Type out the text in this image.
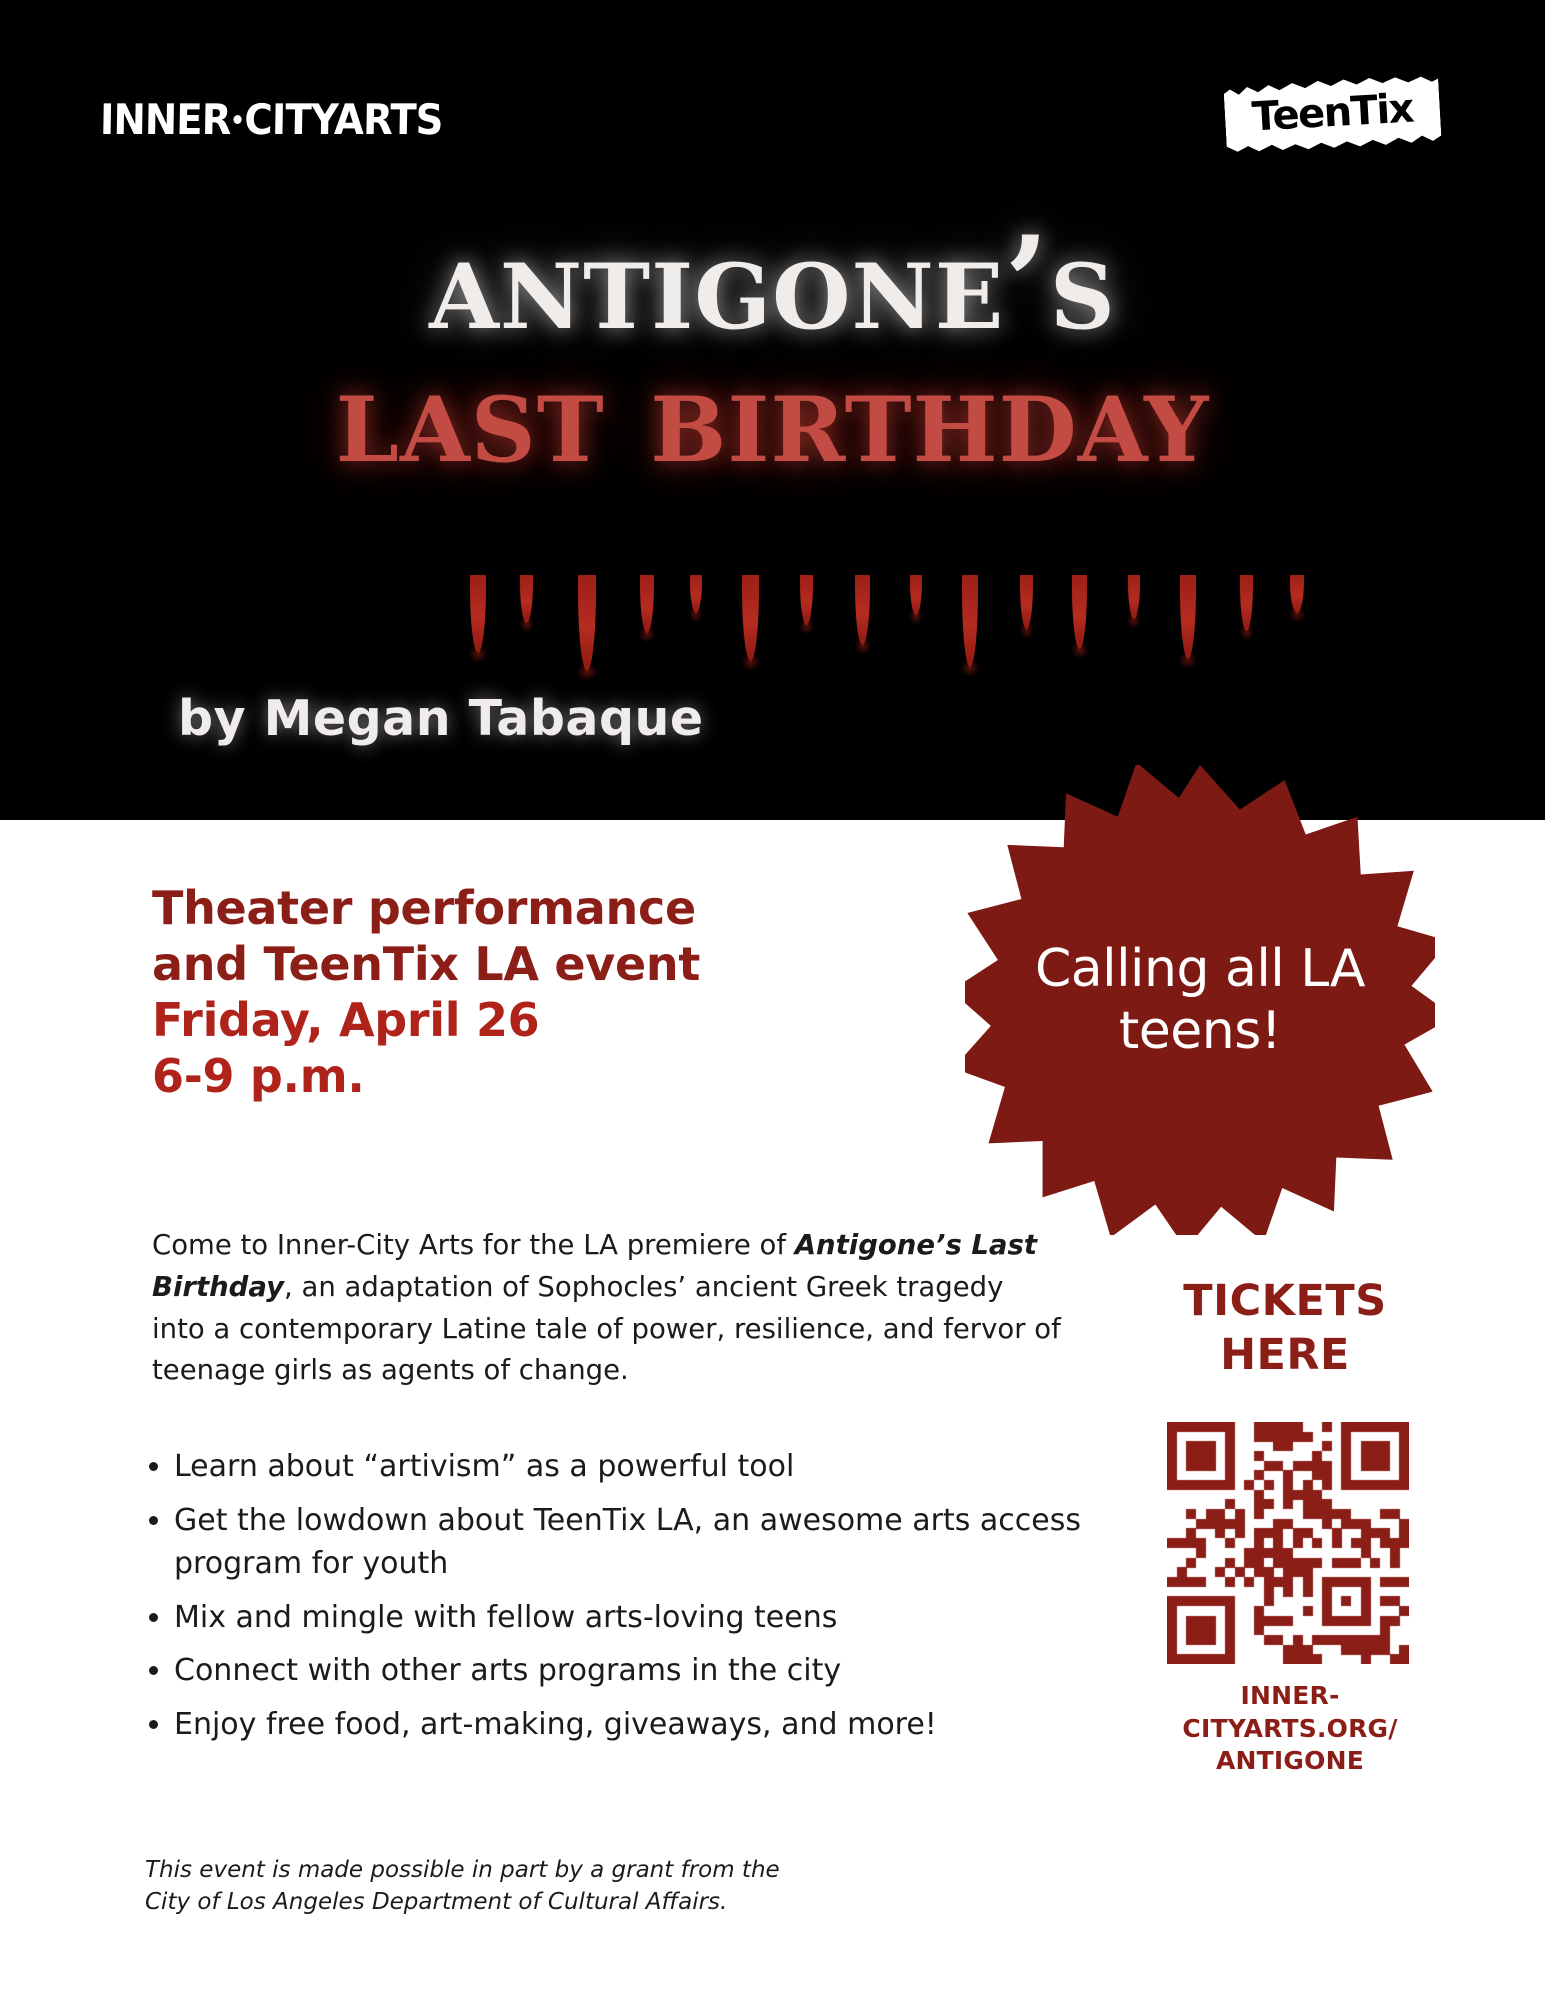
INNER CITYARTS	TeenTix
antigone’s
last birthday
by Megan Tabaque
Theater performance
and TeenTix LA event
Friday, April 26
6-9 p.m.
Come to Inner-City Arts for the LA premiere of Antigone’s Last Birthday, an adaptation of Sophocles’ ancient Greek tragedy into a contemporary Latine tale of power, resilience, and fervor of teenage girls as agents of change.
• Learn about “artivism” as a powerful tool
• Get the lowdown about TeenTix LA, an awesome arts access program for youth
• Mix and mingle with fellow arts-loving teens
• Connect with other arts programs in the city
• Enjoy free food, art-making, giveaways, and more!
This event is made possible in part by a grant from the
City of Los Angeles Department of Cultural Affairs.
Calling all LA teens!
TICKETS
HERE
INNER-
CITYARTS.ORG/
ANTIGONE
